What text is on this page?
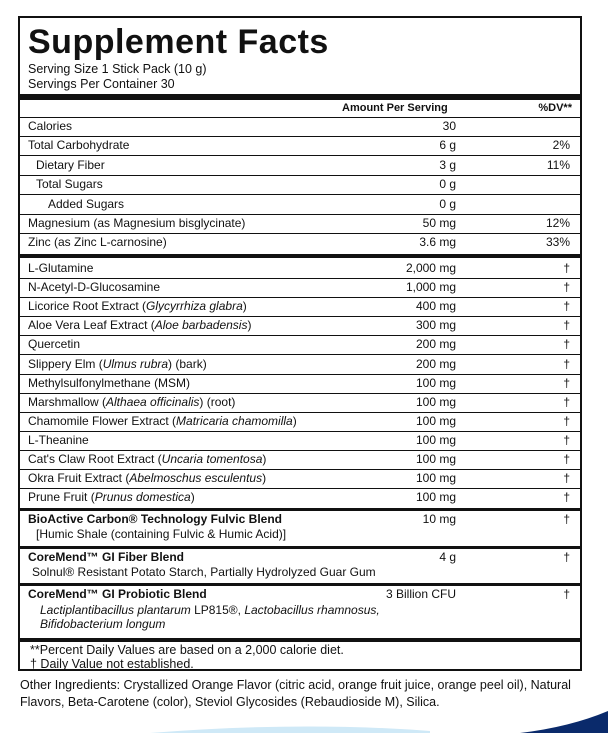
Supplement Facts
Serving Size 1 Stick Pack (10 g)
Servings Per Container 30
Amount Per Serving	%DV**
Calories	30
Total Carbohydrate	6 g	2%
Dietary Fiber	3 g	11%
Total Sugars	0 g
Added Sugars	0 g
Magnesium (as Magnesium bisglycinate)	50 mg	12%
Zinc (as Zinc L-carnosine)	3.6 mg	33%
L-Glutamine	2,000 mg	†
N-Acetyl-D-Glucosamine	1,000 mg	†
Licorice Root Extract (Glycyrrhiza glabra)	400 mg	†
Aloe Vera Leaf Extract (Aloe barbadensis)	300 mg	†
Quercetin	200 mg	†
Slippery Elm (Ulmus rubra) (bark)	200 mg	†
Methylsulfonylmethane (MSM)	100 mg	†
Marshmallow (Althaea officinalis) (root)	100 mg	†
Chamomile Flower Extract (Matricaria chamomilla)	100 mg	†
L-Theanine	100 mg	†
Cat's Claw Root Extract (Uncaria tomentosa)	100 mg	†
Okra Fruit Extract (Abelmoschus esculentus)	100 mg	†
Prune Fruit (Prunus domestica)	100 mg	†
BioActive Carbon® Technology Fulvic Blend	10 mg	†
[Humic Shale (containing Fulvic & Humic Acid)]
CoreMend™ GI Fiber Blend	4 g	†
Solnul® Resistant Potato Starch, Partially Hydrolyzed Guar Gum
CoreMend™ GI Probiotic Blend	3 Billion CFU	†
Lactiplantibacillus plantarum LP815®, Lactobacillus rhamnosus,
Bifidobacterium longum
**Percent Daily Values are based on a 2,000 calorie diet.
† Daily Value not established.
Other Ingredients: Crystallized Orange Flavor (citric acid, orange fruit juice, orange peel oil), Natural Flavors, Beta-Carotene (color), Steviol Glycosides (Rebaudioside M), Silica.
